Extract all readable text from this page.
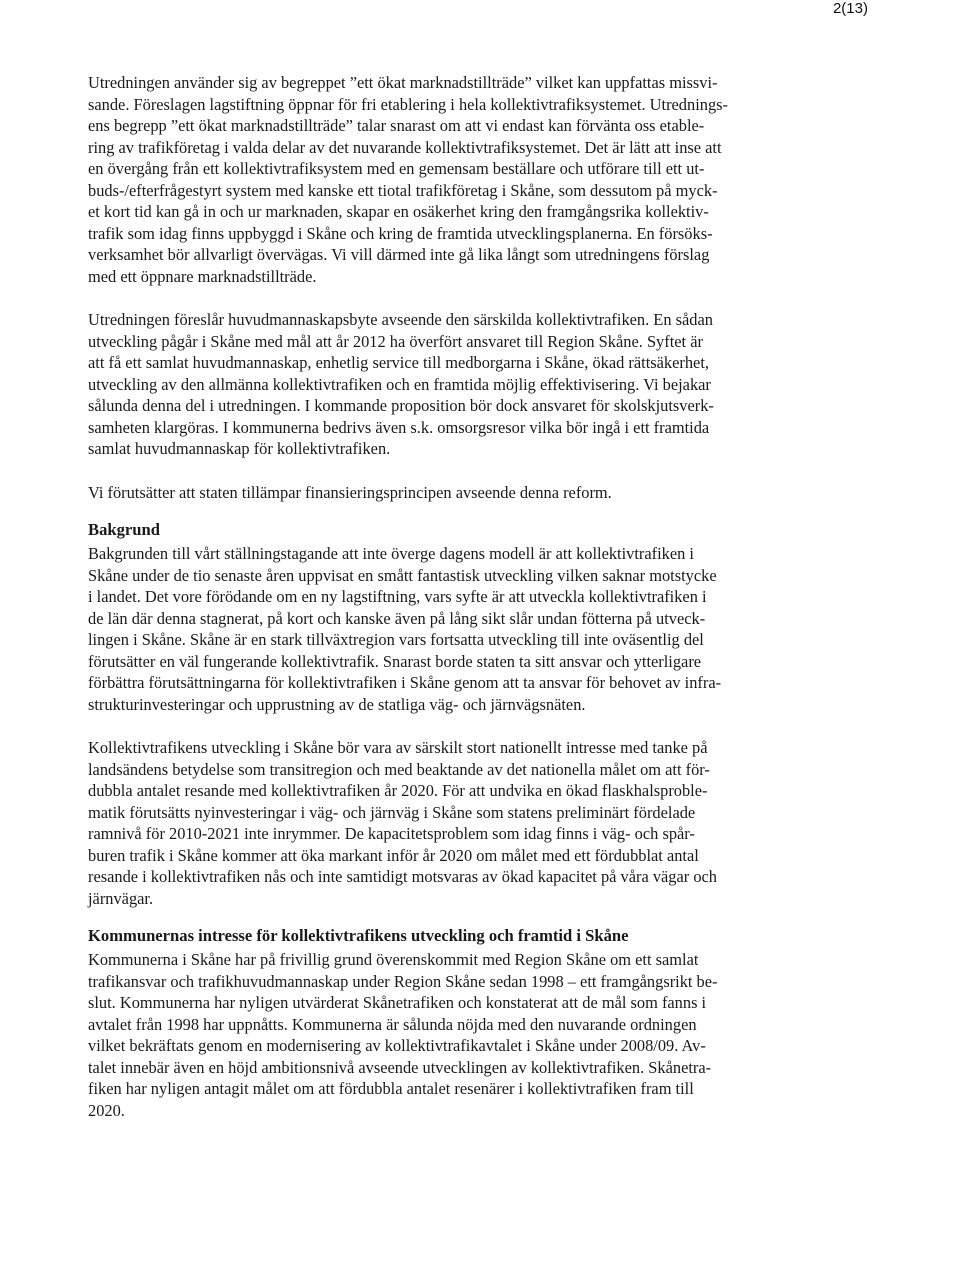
2(13)

Utredningen använder sig av begreppet ”ett ökat marknadstillträde” vilket kan uppfattas missvi-
sande. Föreslagen lagstiftning öppnar för fri etablering i hela kollektivtrafiksystemet. Utrednings-
ens begrepp ”ett ökat marknadstillträde” talar snarast om att vi endast kan förvänta oss etable-
ring av trafikföretag i valda delar av det nuvarande kollektivtrafiksystemet. Det är lätt att inse att
en övergång från ett kollektivtrafiksystem med en gemensam beställare och utförare till ett ut-
buds-/efterfrågestyrt system med kanske ett tiotal trafikföretag i Skåne, som dessutom på myck-
et kort tid kan gå in och ur marknaden, skapar en osäkerhet kring den framgångsrika kollektiv-
trafik som idag finns uppbyggd i Skåne och kring de framtida utvecklingsplanerna. En försöks-
verksamhet bör allvarligt övervägas. Vi vill därmed inte gå lika långt som utredningens förslag
med ett öppnare marknadstillträde.

Utredningen föreslår huvudmannaskapsbyte avseende den särskilda kollektivtrafiken. En sådan
utveckling pågår i Skåne med mål att år 2012 ha överfört ansvaret till Region Skåne. Syftet är
att få ett samlat huvudmannaskap, enhetlig service till medborgarna i Skåne, ökad rättsäkerhet,
utveckling av den allmänna kollektivtrafiken och en framtida möjlig effektivisering. Vi bejakar
sålunda denna del i utredningen. I kommande proposition bör dock ansvaret för skolskjutsverk-
samheten klargöras. I kommunerna bedrivs även s.k. omsorgsresor vilka bör ingå i ett framtida
samlat huvudmannaskap för kollektivtrafiken.

Vi förutsätter att staten tillämpar finansieringsprincipen avseende denna reform.

Bakgrund

Bakgrunden till vårt ställningstagande att inte överge dagens modell är att kollektivtrafiken i
Skåne under de tio senaste åren uppvisat en smått fantastisk utveckling vilken saknar motstycke
i landet. Det vore förödande om en ny lagstiftning, vars syfte är att utveckla kollektivtrafiken i
de län där denna stagnerat, på kort och kanske även på lång sikt slår undan fötterna på utveck-
lingen i Skåne. Skåne är en stark tillväxtregion vars fortsatta utveckling till inte oväsentlig del
förutsätter en väl fungerande kollektivtrafik. Snarast borde staten ta sitt ansvar och ytterligare
förbättra förutsättningarna för kollektivtrafiken i Skåne genom att ta ansvar för behovet av infra-
strukturinvesteringar och upprustning av de statliga väg- och järnvägsnäten.

Kollektivtrafikens utveckling i Skåne bör vara av särskilt stort nationellt intresse med tanke på
landsändens betydelse som transitregion och med beaktande av det nationella målet om att för-
dubbla antalet resande med kollektivtrafiken år 2020. För att undvika en ökad flaskhalsproble-
matik förutsätts nyinvesteringar i väg- och järnväg i Skåne som statens preliminärt fördelade
ramnivå för 2010-2021 inte inrymmer. De kapacitetsproblem som idag finns i väg- och spår-
buren trafik i Skåne kommer att öka markant inför år 2020 om målet med ett fördubblat antal
resande i kollektivtrafiken nås och inte samtidigt motsvaras av ökad kapacitet på våra vägar och
järnvägar.

Kommunernas intresse för kollektivtrafikens utveckling och framtid i Skåne

Kommunerna i Skåne har på frivillig grund överenskommit med Region Skåne om ett samlat
trafikansvar och trafikhuvudmannaskap under Region Skåne sedan 1998 – ett framgångsrikt be-
slut. Kommunerna har nyligen utvärderat Skånetrafiken och konstaterat att de mål som fanns i
avtalet från 1998 har uppnåtts. Kommunerna är sålunda nöjda med den nuvarande ordningen
vilket bekräftats genom en modernisering av kollektivtrafikavtalet i Skåne under 2008/09. Av-
talet innebär även en höjd ambitionsnivå avseende utvecklingen av kollektivtrafiken. Skånetra-
fiken har nyligen antagit målet om att fördubbla antalet resenärer i kollektivtrafiken fram till
2020.
